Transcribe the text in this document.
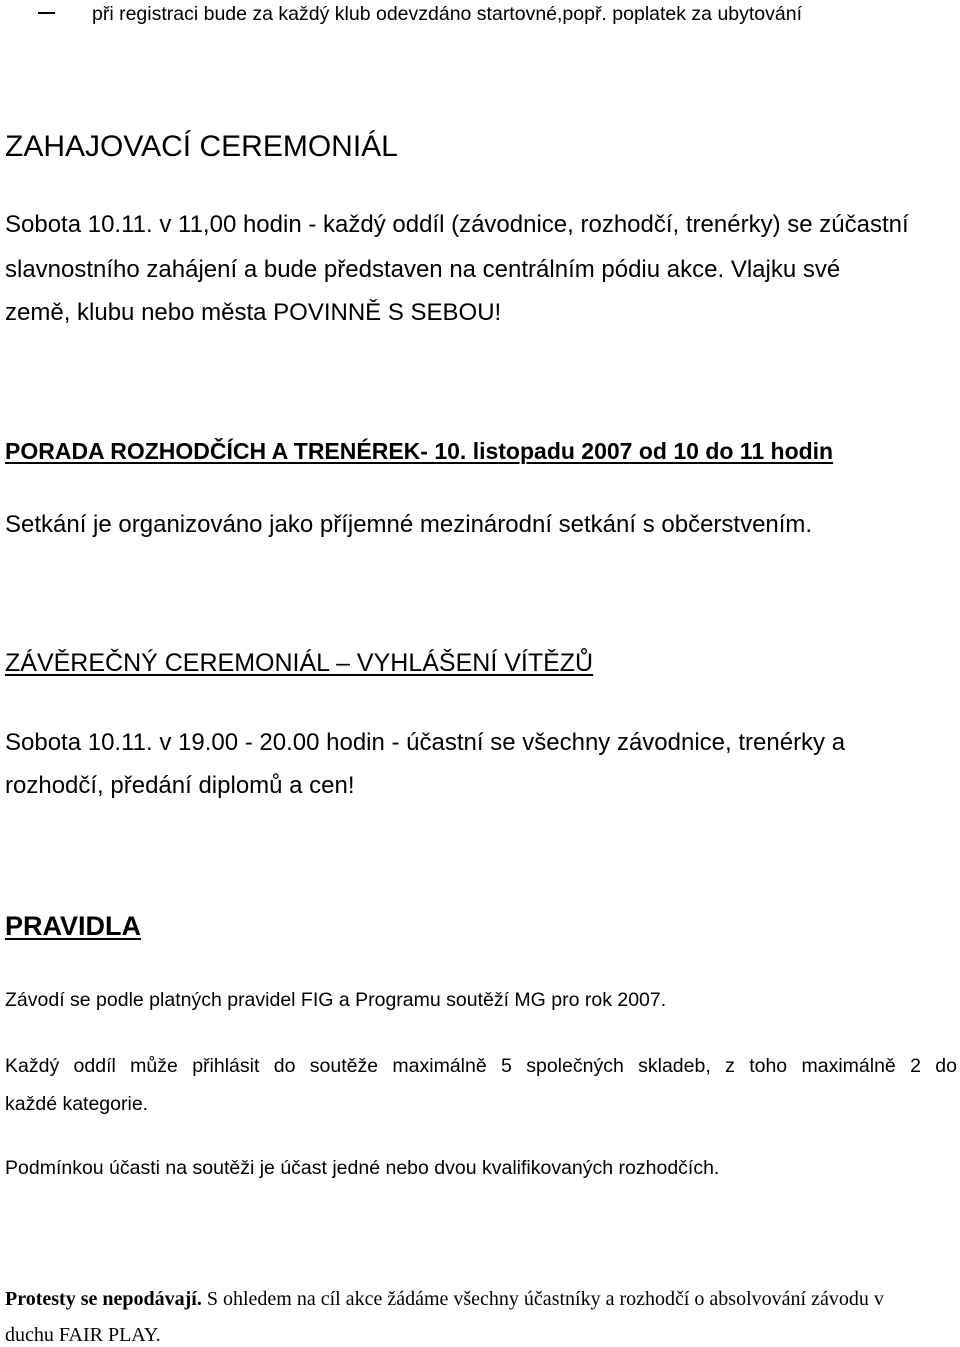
při registraci bude za každý klub odevzdáno startovné,popř. poplatek za ubytování
ZAHAJOVACÍ CEREMONIÁL
Sobota 10.11. v 11,00 hodin - každý oddíl (závodnice, rozhodčí, trenérky) se zúčastní
slavnostního zahájení a bude představen na centrálním pódiu akce. Vlajku své
země, klubu nebo města POVINNĚ S SEBOU!
PORADA ROZHODČÍCH A TRENÉREK- 10. listopadu 2007 od 10 do 11 hodin
Setkání je organizováno jako příjemné mezinárodní setkání s občerstvením.
ZÁVĚREČNÝ CEREMONIÁL – VYHLÁŠENÍ VÍTĚZŮ
Sobota 10.11. v 19.00 - 20.00 hodin - účastní se všechny závodnice, trenérky a
rozhodčí, předání diplomů a cen!
PRAVIDLA
Závodí se podle platných pravidel FIG a Programu soutěží MG pro rok 2007.
Každý oddíl může přihlásit do soutěže maximálně 5 společných skladeb, z toho maximálně 2 do
každé kategorie.
Podmínkou účasti na soutěži je účast jedné nebo dvou kvalifikovaných rozhodčích.
Protesty se nepodávají. S ohledem na cíl akce žádáme všechny účastníky a rozhodčí o absolvování závodu v
duchu FAIR PLAY.
